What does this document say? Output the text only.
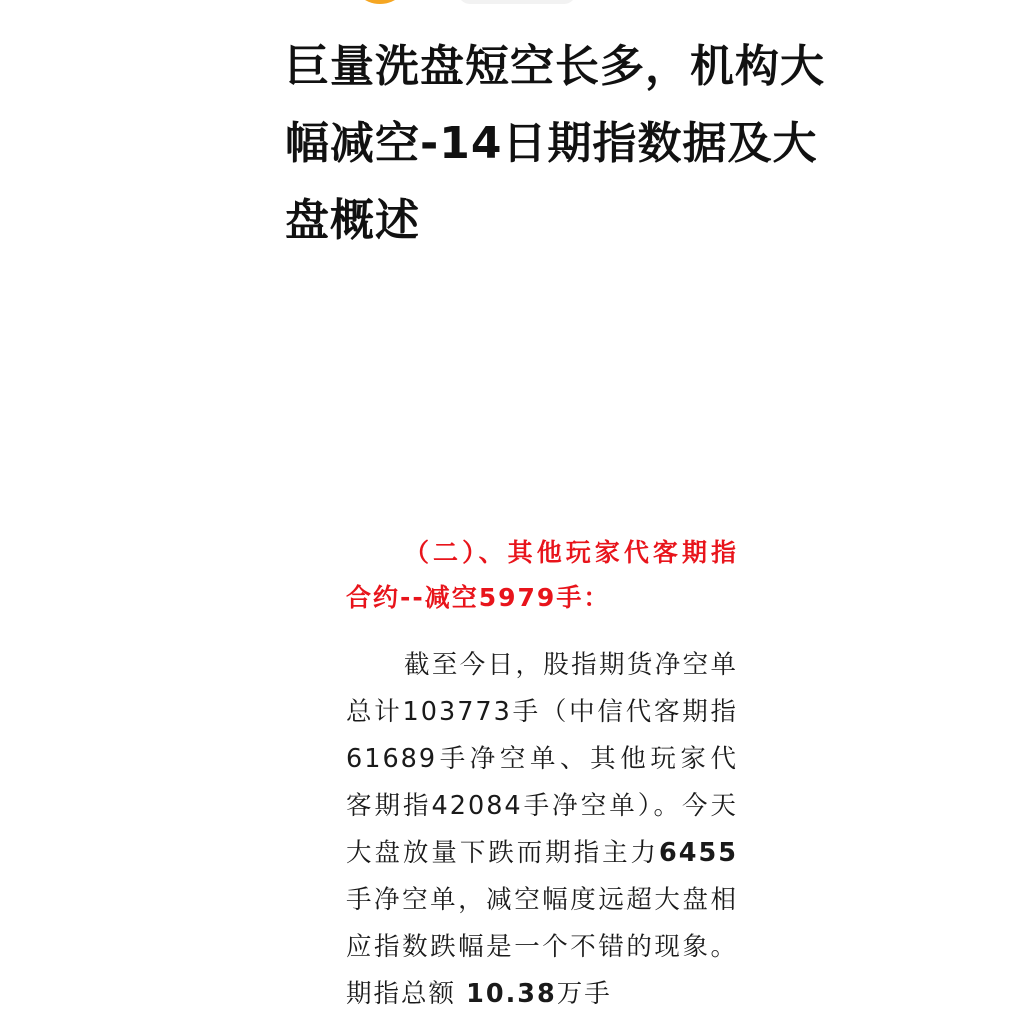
巨量洗盘短空长多，机构大幅减空-14日期指数据及大盘概述

（二）、其他玩家代客期指合约--减空5979手：

截至今日，股指期货净空单总计103773手（中信代客期指61689手净空单、其他玩家代客期指42084手净空单）。今天大盘放量下跌而期指主力6455手净空单，减空幅度远超大盘相应指数跌幅是一个不错的现象。期指总额 10.38万手
